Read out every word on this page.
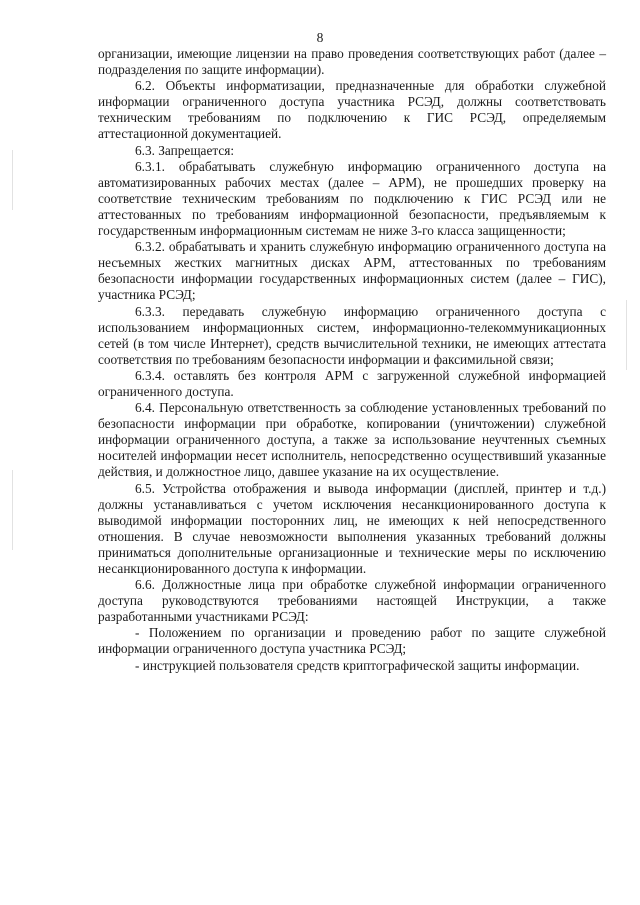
8

организации, имеющие лицензии на право проведения соответствующих работ (далее – подразделения по защите информации).

6.2. Объекты информатизации, предназначенные для обработки служебной информации ограниченного доступа участника РСЭД, должны соответствовать техническим требованиям по подключению к ГИС РСЭД, определяемым аттестационной документацией.

6.3. Запрещается:

6.3.1. обрабатывать служебную информацию ограниченного доступа на автоматизированных рабочих местах (далее – АРМ), не прошедших проверку на соответствие техническим требованиям по подключению к ГИС РСЭД или не аттестованных по требованиям информационной безопасности, предъявляемым к государственным информационным системам не ниже 3-го класса защищенности;

6.3.2. обрабатывать и хранить служебную информацию ограниченного доступа на несъемных жестких магнитных дисках АРМ, аттестованных по требованиям безопасности информации государственных информационных систем (далее – ГИС), участника РСЭД;

6.3.3. передавать служебную информацию ограниченного доступа с использованием информационных систем, информационно-телекоммуникационных сетей (в том числе Интернет), средств вычислительной техники, не имеющих аттестата соответствия по требованиям безопасности информации и факсимильной связи;

6.3.4. оставлять без контроля АРМ с загруженной служебной информацией ограниченного доступа.

6.4. Персональную ответственность за соблюдение установленных требований по безопасности информации при обработке, копировании (уничтожении) служебной информации ограниченного доступа, а также за использование неучтенных съемных носителей информации несет исполнитель, непосредственно осуществивший указанные действия, и должностное лицо, давшее указание на их осуществление.

6.5. Устройства отображения и вывода информации (дисплей, принтер и т.д.) должны устанавливаться с учетом исключения несанкционированного доступа к выводимой информации посторонних лиц, не имеющих к ней непосредственного отношения. В случае невозможности выполнения указанных требований должны приниматься дополнительные организационные и технические меры по исключению несанкционированного доступа к информации.

6.6. Должностные лица при обработке служебной информации ограниченного доступа руководствуются требованиями настоящей Инструкции, а также разработанными участниками РСЭД:

- Положением по организации и проведению работ по защите служебной информации ограниченного доступа участника РСЭД;

- инструкцией пользователя средств криптографической защиты информации.
